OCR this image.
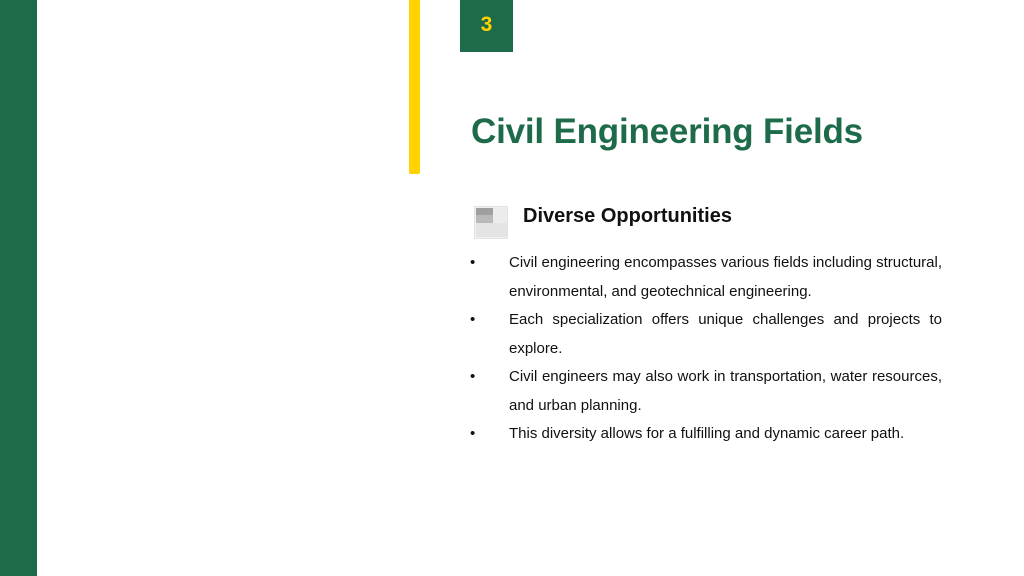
3
Civil Engineering Fields
Diverse Opportunities
• Civil engineering encompasses various fields including structural, environmental, and geotechnical engineering.
• Each specialization offers unique challenges and projects to explore.
• Civil engineers may also work in transportation, water resources, and urban planning.
• This diversity allows for a fulfilling and dynamic career path.
